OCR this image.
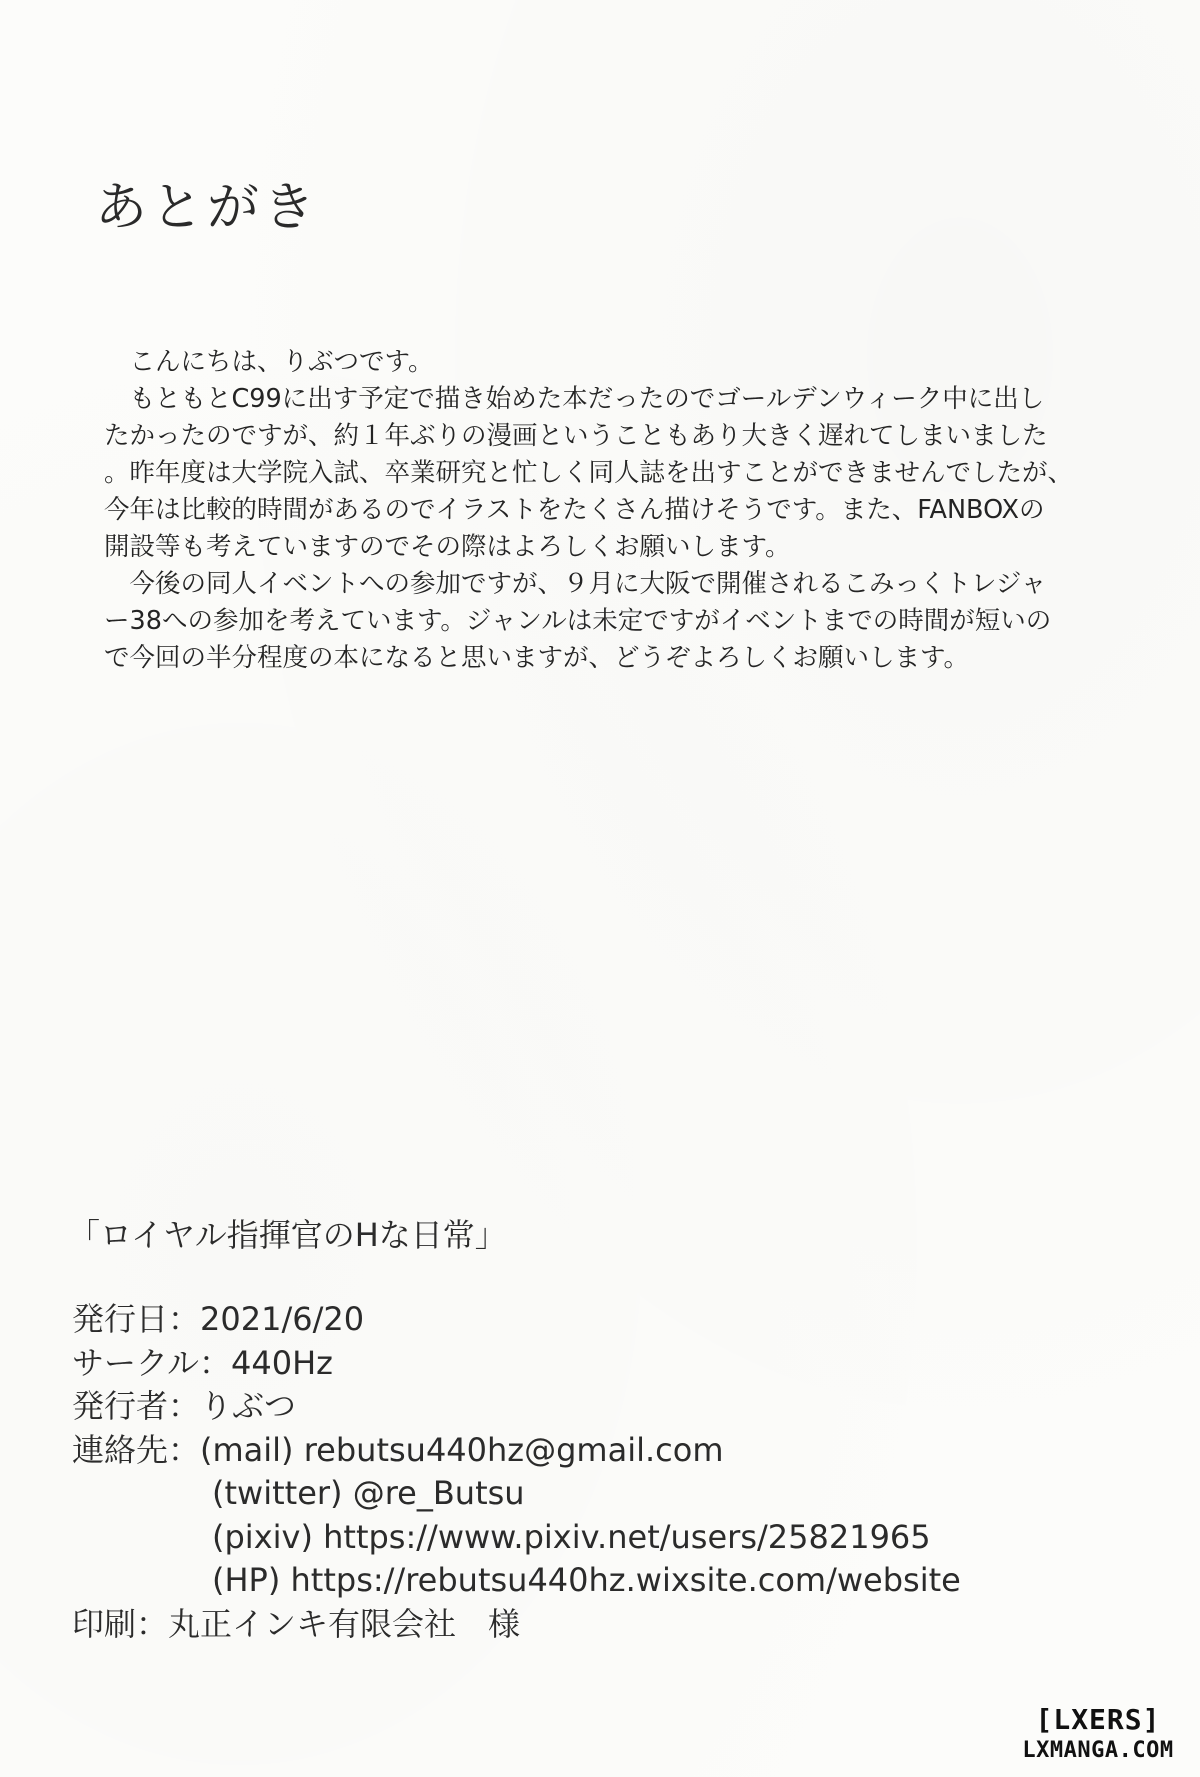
あとがき

　こんにちは、りぶつです。

　もともとC99に出す予定で描き始めた本だったのでゴールデンウィーク中に出し

たかったのですが、約１年ぶりの漫画ということもあり大きく遅れてしまいました

。昨年度は大学院入試、卒業研究と忙しく同人誌を出すことができませんでしたが、

今年は比較的時間があるのでイラストをたくさん描けそうです。また、FANBOXの

開設等も考えていますのでその際はよろしくお願いします。

　今後の同人イベントへの参加ですが、９月に大阪で開催されるこみっくトレジャ

ー38への参加を考えています。ジャンルは未定ですがイベントまでの時間が短いの

で今回の半分程度の本になると思いますが、どうぞよろしくお願いします。

「ロイヤル指揮官のHな日常」
発行日：2021/6/20
サークル：440Hz
発行者：りぶつ
連絡先：(mail) rebutsu440hz@gmail.com
(twitter) @re_Butsu
(pixiv) https://www.pixiv.net/users/25821965
(HP) https://rebutsu440hz.wixsite.com/website
印刷：丸正インキ有限会社　様
[LXERS]
LXMANGA.COM
